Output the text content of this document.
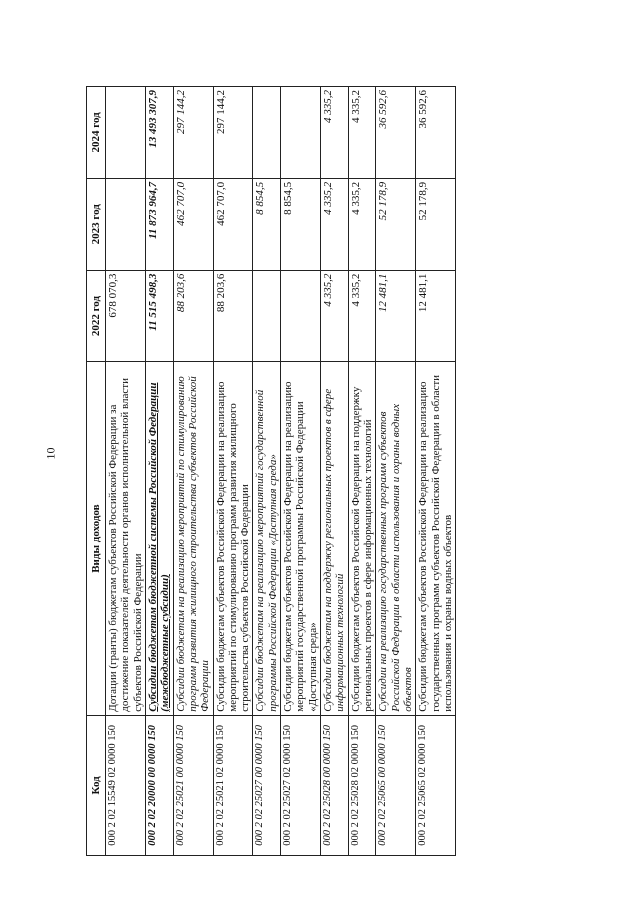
10
Код	Виды доходов	2022 год	2023 год	2024 год
000 2 02 15549 02 0000 150	Дотации (гранты) бюджетам субъектов Российской Федерации за достижение показателей деятельности органов исполнительной власти субъектов Российской Федерации	678 070,3		
000 2 02 20000 00 0000 150	Субсидии бюджетам бюджетной системы Российской Федерации (межбюджетные субсидии)	11 515 498,3	11 873 964,7	13 493 307,9
000 2 02 25021 00 0000 150	Субсидии бюджетам на реализацию мероприятий по стимулированию программ развития жилищного строительства субъектов Российской Федерации	88 203,6	462 707,0	297 144,2
000 2 02 25021 02 0000 150	Субсидии бюджетам субъектов Российской Федерации на реализацию мероприятий по стимулированию программ развития жилищного строительства субъектов Российской Федерации	88 203,6	462 707,0	297 144,2
000 2 02 25027 00 0000 150	Субсидии бюджетам на реализацию мероприятий государственной программы Российской Федерации «Доступная среда»		8 854,5	
000 2 02 25027 02 0000 150	Субсидии бюджетам субъектов Российской Федерации на реализацию мероприятий государственной программы Российской Федерации «Доступная среда»		8 854,5	
000 2 02 25028 00 0000 150	Субсидии бюджетам на поддержку региональных проектов в сфере информационных технологий	4 335,2	4 335,2	4 335,2
000 2 02 25028 02 0000 150	Субсидии бюджетам субъектов Российской Федерации на поддержку региональных проектов в сфере информационных технологий	4 335,2	4 335,2	4 335,2
000 2 02 25065 00 0000 150	Субсидии на реализацию государственных программ субъектов Российской Федерации в области использования и охраны водных объектов	12 481,1	52 178,9	36 592,6
000 2 02 25065 02 0000 150	Субсидии бюджетам субъектов Российской Федерации на реализацию государственных программ субъектов Российской Федерации в области использования и охраны водных объектов	12 481,1	52 178,9	36 592,6
